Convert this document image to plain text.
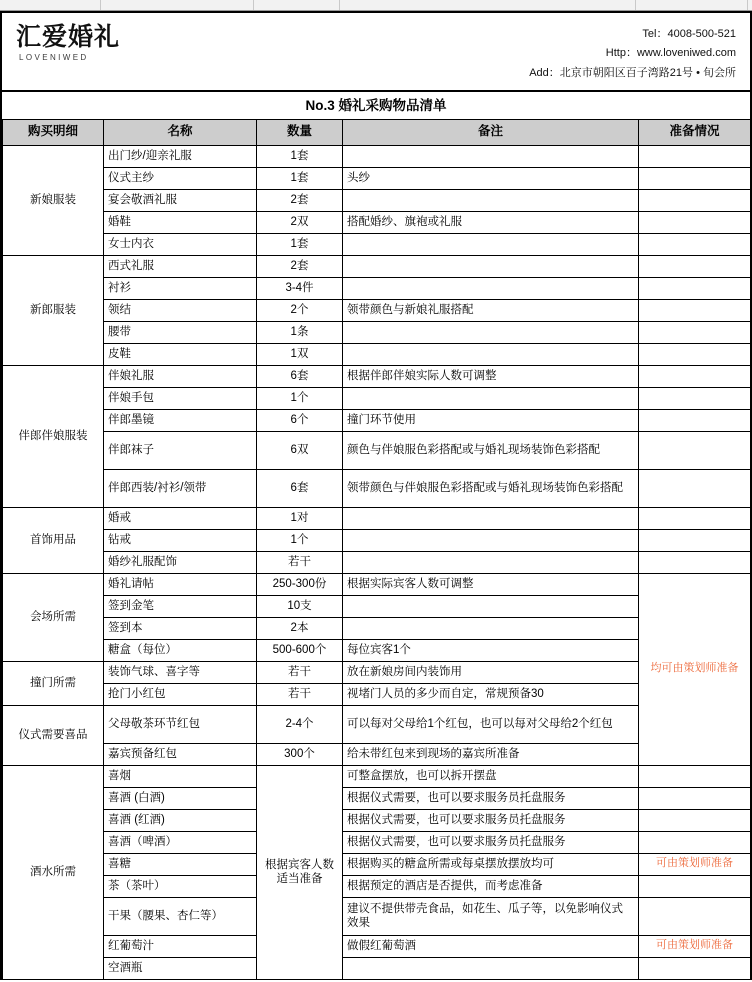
汇爱婚礼
LOVENIWED
Tel：4008-500-521
Http：www.loveniwed.com
Add：北京市朝阳区百子湾路21号 • 旬会所
No.3 婚礼采购物品清单
购买明细	名称	数量	备注	准备情况
新娘服装	出门纱/迎亲礼服	1套		
	仪式主纱	1套	头纱	
	宴会敬酒礼服	2套		
	婚鞋	2双	搭配婚纱、旗袍或礼服	
	女士内衣	1套		
新郎服装	西式礼服	2套		
	衬衫	3-4件		
	领结	2个	领带颜色与新娘礼服搭配	
	腰带	1条		
	皮鞋	1双		
伴郎伴娘服装	伴娘礼服	6套	根据伴郎伴娘实际人数可调整	
	伴娘手包	1个		
	伴郎墨镜	6个	撞门环节使用	
	伴郎袜子	6双	颜色与伴娘服色彩搭配或与婚礼现场装饰色彩搭配	
	伴郎西装/衬衫/领带	6套	领带颜色与伴娘服色彩搭配或与婚礼现场装饰色彩搭配	
首饰用品	婚戒	1对		
	钻戒	1个		
	婚纱礼服配饰	若干		
会场所需	婚礼请帖	250-300份	根据实际宾客人数可调整	均可由策划师准备
	签到金笔	10支		
	签到本	2本		
	糖盒（每位）	500-600个	每位宾客1个	
撞门所需	装饰气球、喜字等	若干	放在新娘房间内装饰用	
	抢门小红包	若干	视堵门人员的多少而自定，常规预备30	
仪式需要喜品	父母敬茶环节红包	2-4个	可以每对父母给1个红包，也可以每对父母给2个红包	
	嘉宾预备红包	300个	给未带红包来到现场的嘉宾所准备	
酒水所需	喜烟	根据宾客人数适当准备	可整盒摆放，也可以拆开摆盘	
	喜酒 (白酒)		根据仪式需要，也可以要求服务员托盘服务	
	喜酒 (红酒)		根据仪式需要，也可以要求服务员托盘服务	
	喜酒（啤酒）		根据仪式需要，也可以要求服务员托盘服务	
	喜糖		根据购买的糖盒所需或每桌摆放摆放均可	可由策划师准备
	茶（茶叶）		根据预定的酒店是否提供，而考虑准备	
	干果（腰果、杏仁等）		建议不提供带壳食品，如花生、瓜子等，以免影响仪式效果	
	红葡萄汁		做假红葡萄酒	可由策划师准备
	空酒瓶			
